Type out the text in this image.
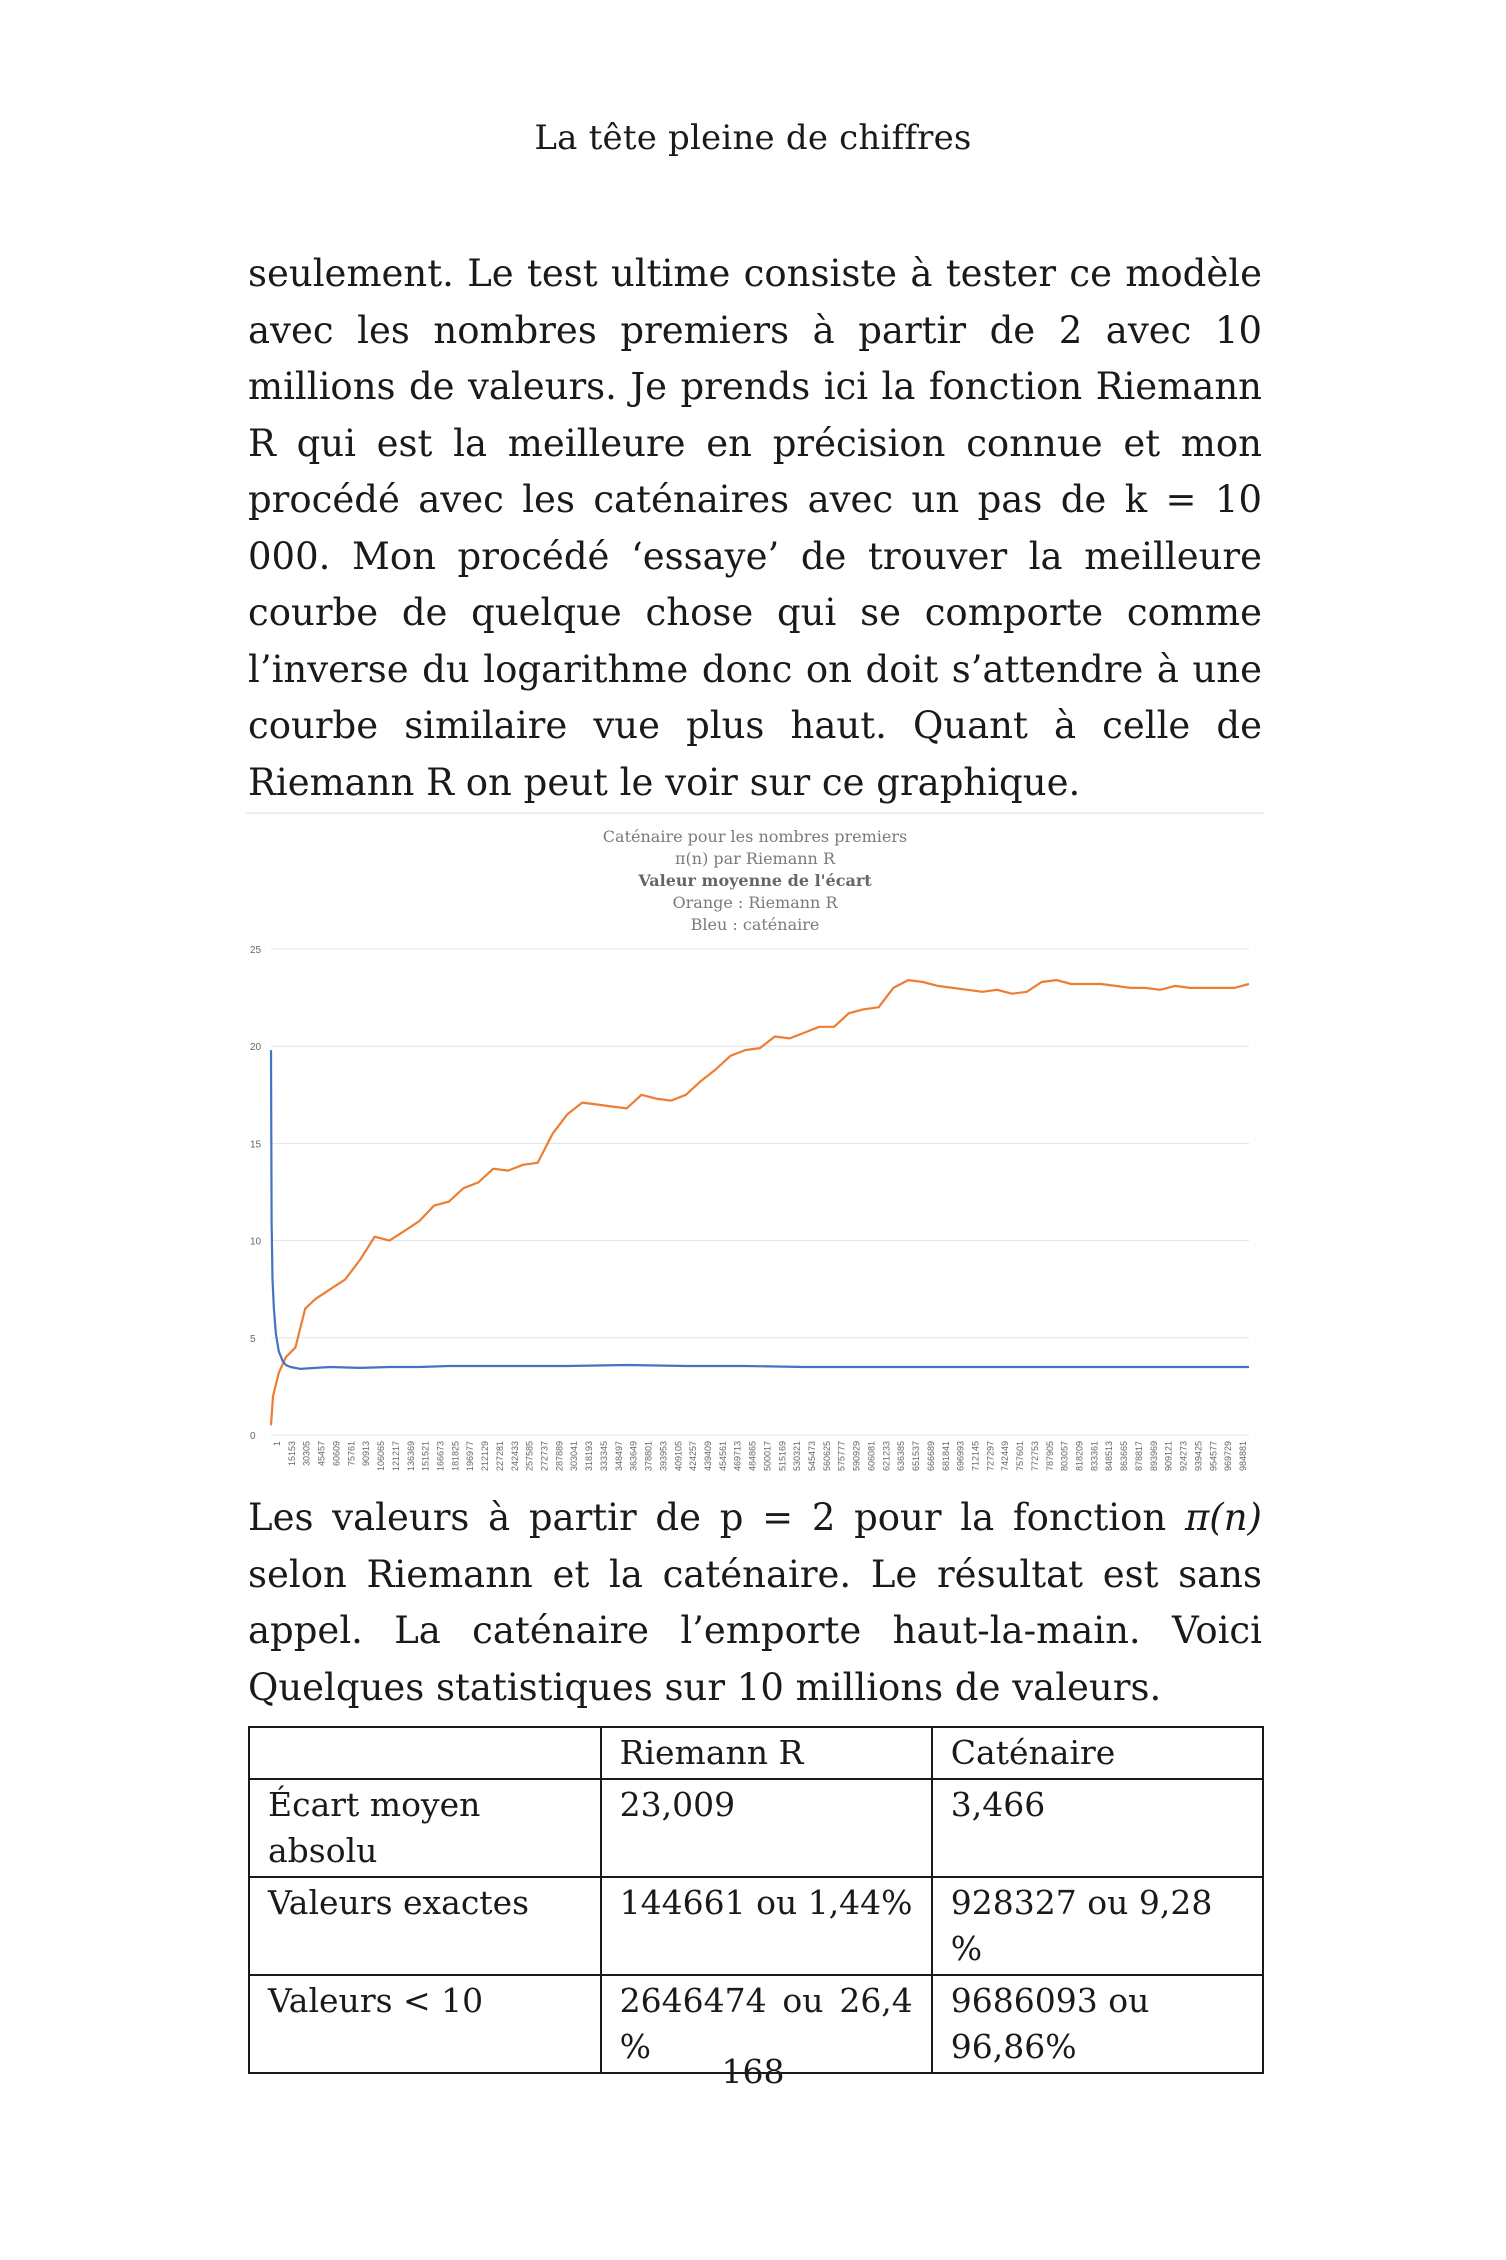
La tête pleine de chiffres
seulement. Le test ultime consiste à tester ce modèle avec les nombres premiers à partir de 2 avec 10 millions de valeurs. Je prends ici la fonction Riemann R qui est la meilleure en précision connue et mon procédé avec les caténaires avec un pas de k = 10 000. Mon procédé ‘essaye’ de trouver la meilleure courbe de quelque chose qui se comporte comme l’inverse du logarithme donc on doit s’attendre à une courbe similaire vue plus haut. Quant à celle de Riemann R on peut le voir sur ce graphique.
Caténaire pour les nombres premiers
π(n) par Riemann R
Valeur moyenne de l'écart
Orange : Riemann R
Bleu : caténaire
0
5
10
15
20
25
1 15153 30305 45457 60609 75761 90913 106065 121217 136369 151521 166673 181825 196977 212129 227281 242433 257585 272737 287889 303041 318193 333345 348497 363649 378801 393953 409105 424257 439409 454561 469713 484865 500017 515169 530321 545473 560625 575777 590929 606081 621233 636385 651537 666689 681841 696993 712145 727297 742449 757601 772753 787905 803057 818209 833361 848513 863665 878817 893969 909121 924273 939425 954577 969729 984881
Les valeurs à partir de p = 2 pour la fonction π(n) selon Riemann et la caténaire. Le résultat est sans appel. La caténaire l’emporte haut-la-main. Voici Quelques statistiques sur 10 millions de valeurs.
	Riemann R	Caténaire
Écart moyen absolu	23,009	3,466
Valeurs exactes	144661 ou 1,44%	928327 ou 9,28 %
Valeurs < 10	2646474 ou 26,4 %	9686093 ou 96,86%
168
